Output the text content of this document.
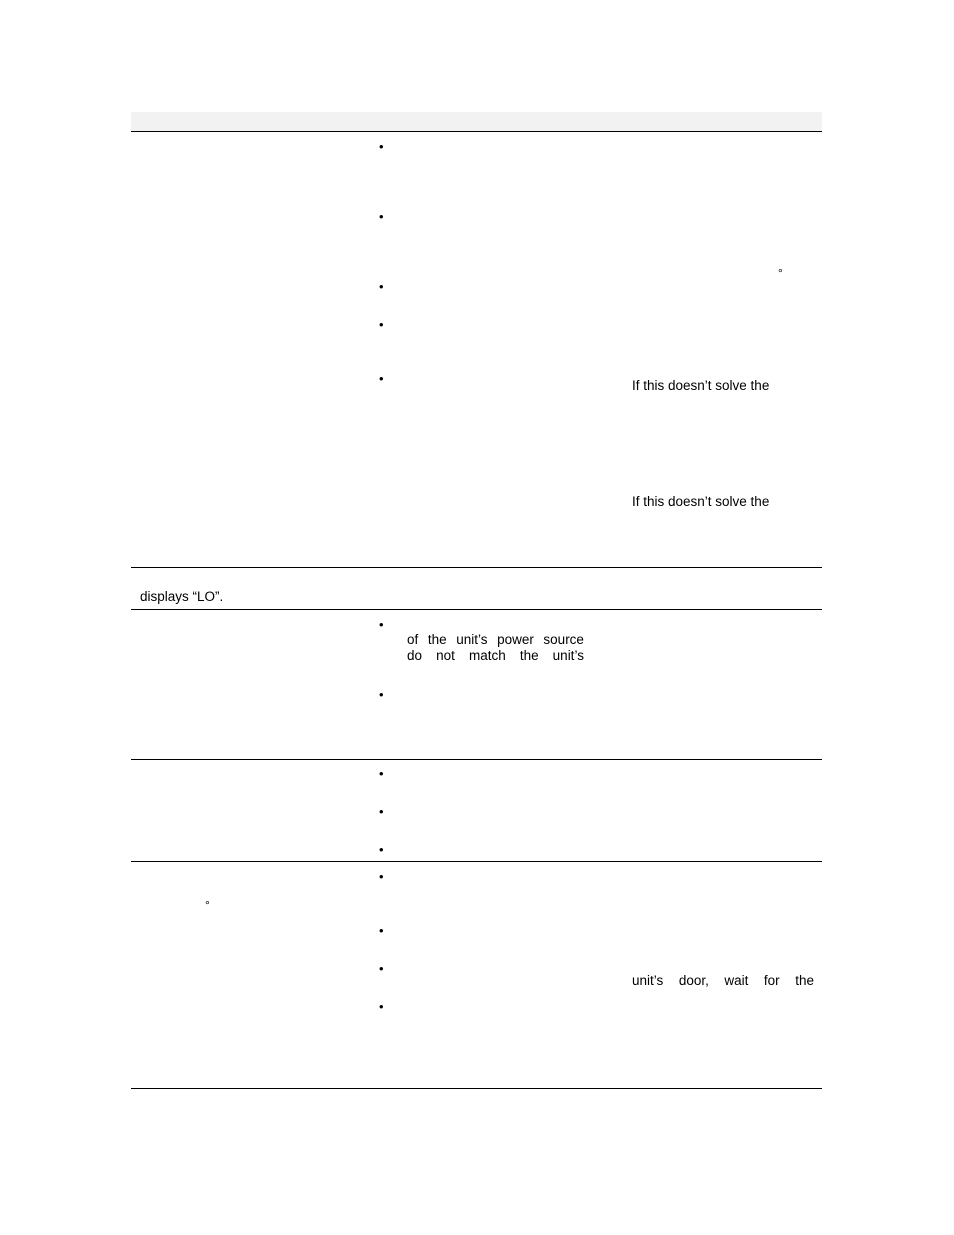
•
•
°
•
•
•	If this doesn’t solve the
If this doesn’t solve the
displays “LO”.
•
of the unit’s power source
do not match the unit’s
•
•
•
•
•
°
•
•
unit’s door, wait for the
•
